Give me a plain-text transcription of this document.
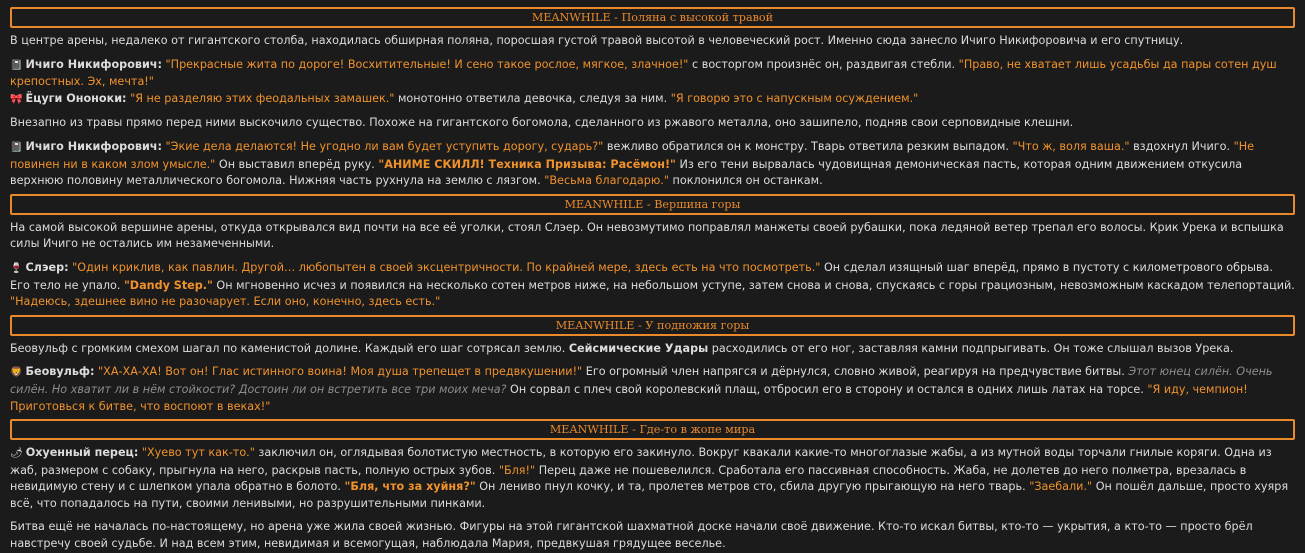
MEANWHILE - Поляна с высокой травой

В центре арены, недалеко от гигантского столба, находилась обширная поляна, поросшая густой травой высотой в человеческий рост. Именно сюда занесло Ичиго Никифоровича и его спутницу.

📓 Ичиго Никифорович: "Прекрасные жита по дороге! Восхитительные! И сено такое рослое, мягкое, злачное!" с восторгом произнёс он, раздвигая стебли. "Право, не хватает лишь усадьбы да пары сотен душ крепостных. Эх, мечта!"

🎀 Ёцуги Ононоки: "Я не разделяю этих феодальных замашек." монотонно ответила девочка, следуя за ним. "Я говорю это с напускным осуждением."

Внезапно из травы прямо перед ними выскочило существо. Похоже на гигантского богомола, сделанного из ржавого металла, оно зашипело, подняв свои серповидные клешни.

📓 Ичиго Никифорович: "Экие дела делаются! Не угодно ли вам будет уступить дорогу, сударь?" вежливо обратился он к монстру. Тварь ответила резким выпадом. "Что ж, воля ваша." вздохнул Ичиго. "Не повинен ни в каком злом умысле." Он выставил вперёд руку. "АНИМЕ СКИЛЛ! Техника Призыва: Расёмон!" Из его тени вырвалась чудовищная демоническая пасть, которая одним движением откусила верхнюю половину металлического богомола. Нижняя часть рухнула на землю с лязгом. "Весьма благодарю." поклонился он останкам.

MEANWHILE - Вершина горы

На самой высокой вершине арены, откуда открывался вид почти на все её уголки, стоял Слэер. Он невозмутимо поправлял манжеты своей рубашки, пока ледяной ветер трепал его волосы. Крик Урека и вспышка силы Ичиго не остались им незамеченными.

🍷 Слэер: "Один криклив, как павлин. Другой… любопытен в своей эксцентричности. По крайней мере, здесь есть на что посмотреть." Он сделал изящный шаг вперёд, прямо в пустоту с километрового обрыва. Его тело не упало. "Dandy Step." Он мгновенно исчез и появился на несколько сотен метров ниже, на небольшом уступе, затем снова и снова, спускаясь с горы грациозным, невозможным каскадом телепортаций. "Надеюсь, здешнее вино не разочарует. Если оно, конечно, здесь есть."

MEANWHILE - У подножия горы

Беовульф с громким смехом шагал по каменистой долине. Каждый его шаг сотрясал землю. Сейсмические Удары расходились от его ног, заставляя камни подпрыгивать. Он тоже слышал вызов Урека.

🦁 Беовульф: "ХА-ХА-ХА! Вот он! Глас истинного воина! Моя душа трепещет в предвкушении!" Его огромный член напрягся и дёрнулся, словно живой, реагируя на предчувствие битвы. Этот юнец силён. Очень силён. Но хватит ли в нём стойкости? Достоин ли он встретить все три моих меча? Он сорвал с плеч свой королевский плащ, отбросил его в сторону и остался в одних лишь латах на торсе. "Я иду, чемпион! Приготовься к битве, что воспоют в веках!"

MEANWHILE - Где-то в жопе мира

🌶 Охуенный перец: "Хуево тут как-то." заключил он, оглядывая болотистую местность, в которую его закинуло. Вокруг квакали какие-то многоглазые жабы, а из мутной воды торчали гнилые коряги. Одна из жаб, размером с собаку, прыгнула на него, раскрыв пасть, полную острых зубов. "Бля!" Перец даже не пошевелился. Сработала его пассивная способность. Жаба, не долетев до него полметра, врезалась в невидимую стену и с шлепком упала обратно в болото. "Бля, что за хуйня?" Он лениво пнул кочку, и та, пролетев метров сто, сбила другую прыгающую на него тварь. "Заебали." Он пошёл дальше, просто хуяря всё, что попадалось на пути, своими ленивыми, но разрушительными пинками.

Битва ещё не началась по-настоящему, но арена уже жила своей жизнью. Фигуры на этой гигантской шахматной доске начали своё движение. Кто-то искал битвы, кто-то — укрытия, а кто-то — просто брёл навстречу своей судьбе. И над всем этим, невидимая и всемогущая, наблюдала Мария, предвкушая грядущее веселье.
